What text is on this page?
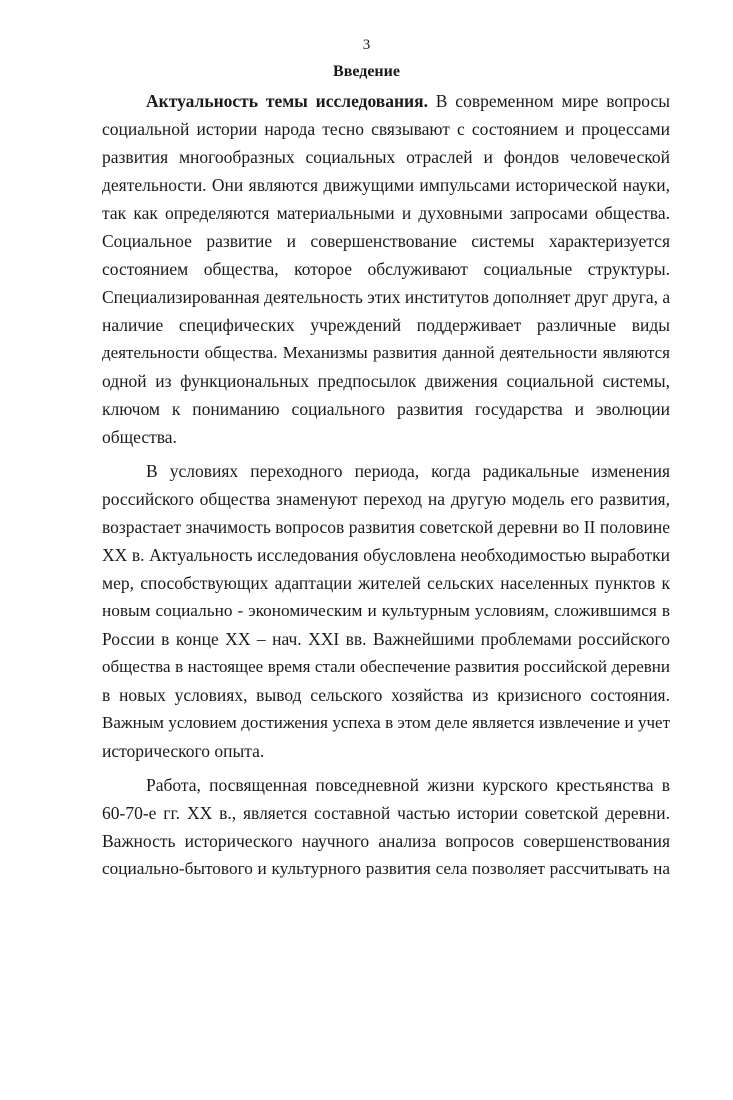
3
Введение
Актуальность темы исследования. В современном мире вопросы
социальной истории народа тесно связывают с состоянием и процессами
развития многообразных социальных отраслей и фондов человеческой
деятельности. Они являются движущими импульсами исторической науки,
так как определяются материальными и духовными запросами общества.
Социальное развитие и совершенствование системы характеризуется
состоянием общества, которое обслуживают социальные структуры.
Специализированная деятельность этих институтов дополняет друг друга, а
наличие специфических учреждений поддерживает различные виды
деятельности общества. Механизмы развития данной деятельности являются
одной из функциональных предпосылок движения социальной системы,
ключом к пониманию социального развития государства и эволюции
общества.
В условиях переходного периода, когда радикальные изменения
российского общества знаменуют переход на другую модель его развития,
возрастает значимость вопросов развития советской деревни во II половине
XX в. Актуальность исследования обусловлена необходимостью выработки
мер, способствующих адаптации жителей сельских населенных пунктов к
новым социально - экономическим и культурным условиям, сложившимся в
России в конце XX – нач. XXI вв. Важнейшими проблемами российского
общества в настоящее время стали обеспечение развития российской деревни
в новых условиях, вывод сельского хозяйства из кризисного состояния.
Важным условием достижения успеха в этом деле является извлечение и учет
исторического опыта.
Работа, посвященная повседневной жизни курского крестьянства в
60-70-е гг. XX в., является составной частью истории советской деревни.
Важность исторического научного анализа вопросов совершенствования
социально-бытового и культурного развития села позволяет рассчитывать на
